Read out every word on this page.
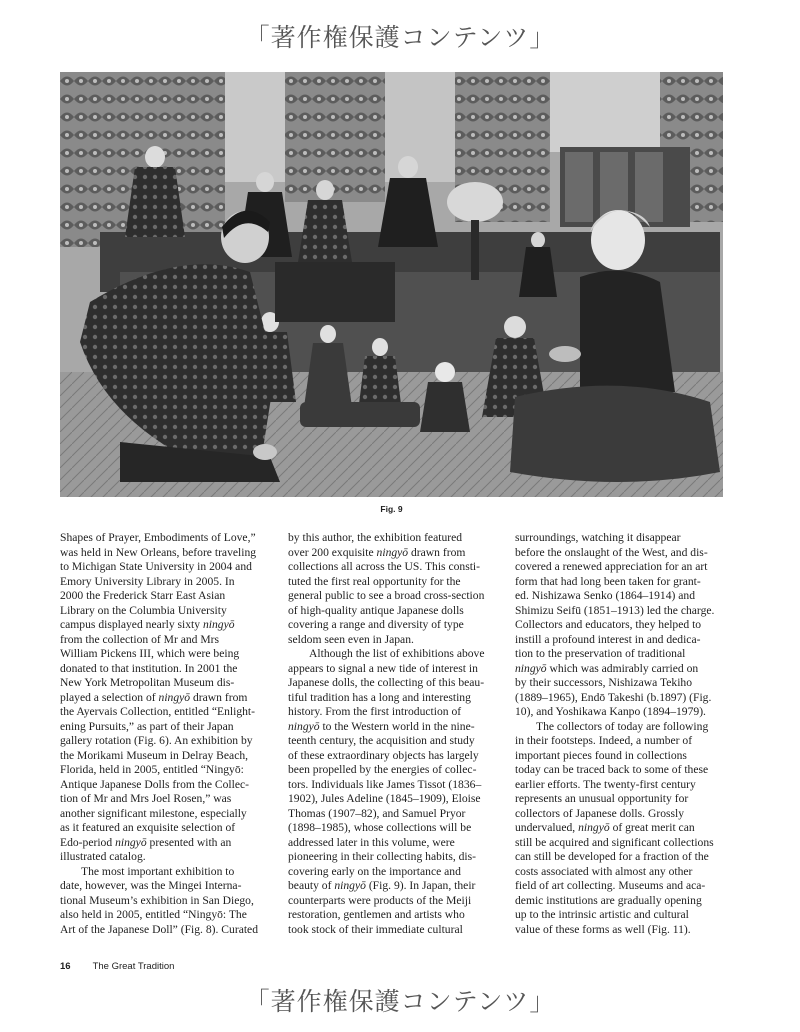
「著作権保護コンテンツ」
Fig. 9
Shapes of Prayer, Embodiments of Love,”
was held in New Orleans, before traveling
to Michigan State University in 2004 and
Emory University Library in 2005. In
2000 the Frederick Starr East Asian
Library on the Columbia University
campus displayed nearly sixty ningyō
from the collection of Mr and Mrs
William Pickens III, which were being
donated to that institution. In 2001 the
New York Metropolitan Museum dis-
played a selection of ningyō drawn from
the Ayervais Collection, entitled “Enlight-
ening Pursuits,” as part of their Japan
gallery rotation (Fig. 6). An exhibition by
the Morikami Museum in Delray Beach,
Florida, held in 2005, entitled “Ningyō:
Antique Japanese Dolls from the Collec-
tion of Mr and Mrs Joel Rosen,” was
another significant milestone, especially
as it featured an exquisite selection of
Edo-period ningyō presented with an
illustrated catalog.
The most important exhibition to
date, however, was the Mingei Interna-
tional Museum’s exhibition in San Diego,
also held in 2005, entitled “Ningyō: The
Art of the Japanese Doll” (Fig. 8). Curated
by this author, the exhibition featured
over 200 exquisite ningyō drawn from
collections all across the US. This consti-
tuted the first real opportunity for the
general public to see a broad cross-section
of high-quality antique Japanese dolls
covering a range and diversity of type
seldom seen even in Japan.
Although the list of exhibitions above
appears to signal a new tide of interest in
Japanese dolls, the collecting of this beau-
tiful tradition has a long and interesting
history. From the first introduction of
ningyō to the Western world in the nine-
teenth century, the acquisition and study
of these extraordinary objects has largely
been propelled by the energies of collec-
tors. Individuals like James Tissot (1836–
1902), Jules Adeline (1845–1909), Eloise
Thomas (1907–82), and Samuel Pryor
(1898–1985), whose collections will be
addressed later in this volume, were
pioneering in their collecting habits, dis-
covering early on the importance and
beauty of ningyō (Fig. 9). In Japan, their
counterparts were products of the Meiji
restoration, gentlemen and artists who
took stock of their immediate cultural
surroundings, watching it disappear
before the onslaught of the West, and dis-
covered a renewed appreciation for an art
form that had long been taken for grant-
ed. Nishizawa Senko (1864–1914) and
Shimizu Seifū (1851–1913) led the charge.
Collectors and educators, they helped to
instill a profound interest in and dedica-
tion to the preservation of traditional
ningyō which was admirably carried on
by their successors, Nishizawa Tekiho
(1889–1965), Endō Takeshi (b.1897) (Fig.
10), and Yoshikawa Kanpo (1894–1979).
The collectors of today are following
in their footsteps. Indeed, a number of
important pieces found in collections
today can be traced back to some of these
earlier efforts. The twenty-first century
represents an unusual opportunity for
collectors of Japanese dolls. Grossly
undervalued, ningyō of great merit can
still be acquired and significant collections
can still be developed for a fraction of the
costs associated with almost any other
field of art collecting. Museums and aca-
demic institutions are gradually opening
up to the intrinsic artistic and cultural
value of these forms as well (Fig. 11).
16 The Great Tradition
「著作権保護コンテンツ」
